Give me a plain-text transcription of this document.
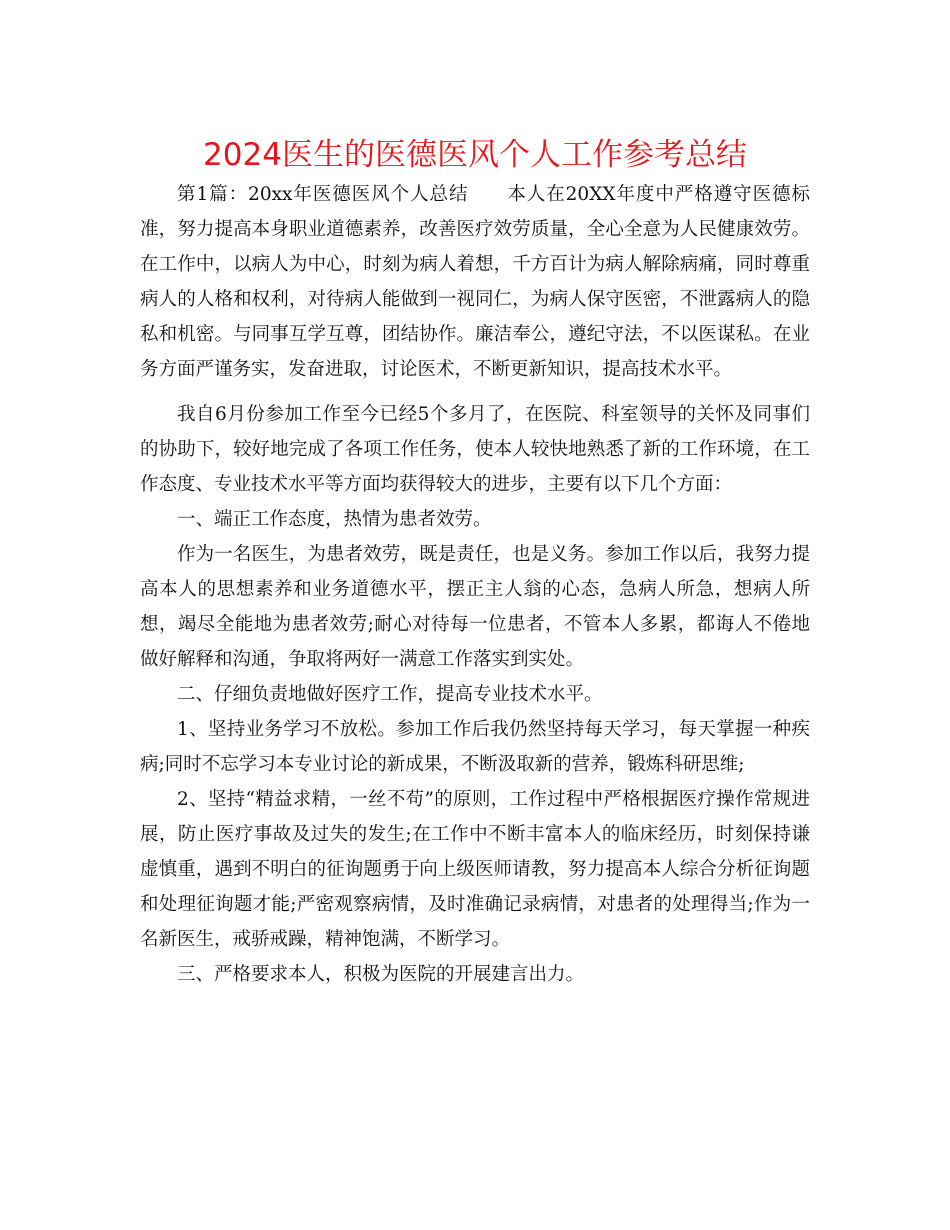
2024医生的医德医风个人工作参考总结

第1篇：20xx年医德医风个人总结　　本人在20XX年度中严格遵守医德标准，努力提高本身职业道德素养，改善医疗效劳质量，全心全意为人民健康效劳。在工作中，以病人为中心，时刻为病人着想，千方百计为病人解除病痛，同时尊重病人的人格和权利，对待病人能做到一视同仁，为病人保守医密，不泄露病人的隐私和机密。与同事互学互尊，团结协作。廉洁奉公，遵纪守法，不以医谋私。在业务方面严谨务实，发奋进取，讨论医术，不断更新知识，提高技术水平。

我自6月份参加工作至今已经5个多月了，在医院、科室领导的关怀及同事们的协助下，较好地完成了各项工作任务，使本人较快地熟悉了新的工作环境，在工作态度、专业技术水平等方面均获得较大的进步，主要有以下几个方面：

一、端正工作态度，热情为患者效劳。

作为一名医生，为患者效劳，既是责任，也是义务。参加工作以后，我努力提高本人的思想素养和业务道德水平，摆正主人翁的心态，急病人所急，想病人所想，竭尽全能地为患者效劳;耐心对待每一位患者，不管本人多累，都诲人不倦地做好解释和沟通，争取将两好一满意工作落实到实处。

二、仔细负责地做好医疗工作，提高专业技术水平。

1、坚持业务学习不放松。参加工作后我仍然坚持每天学习，每天掌握一种疾病;同时不忘学习本专业讨论的新成果，不断汲取新的营养，锻炼科研思维;

2、坚持“精益求精，一丝不苟”的原则，工作过程中严格根据医疗操作常规进展，防止医疗事故及过失的发生;在工作中不断丰富本人的临床经历，时刻保持谦虚慎重，遇到不明白的征询题勇于向上级医师请教，努力提高本人综合分析征询题和处理征询题才能;严密观察病情，及时准确记录病情，对患者的处理得当;作为一名新医生，戒骄戒躁，精神饱满，不断学习。

三、严格要求本人，积极为医院的开展建言出力。
